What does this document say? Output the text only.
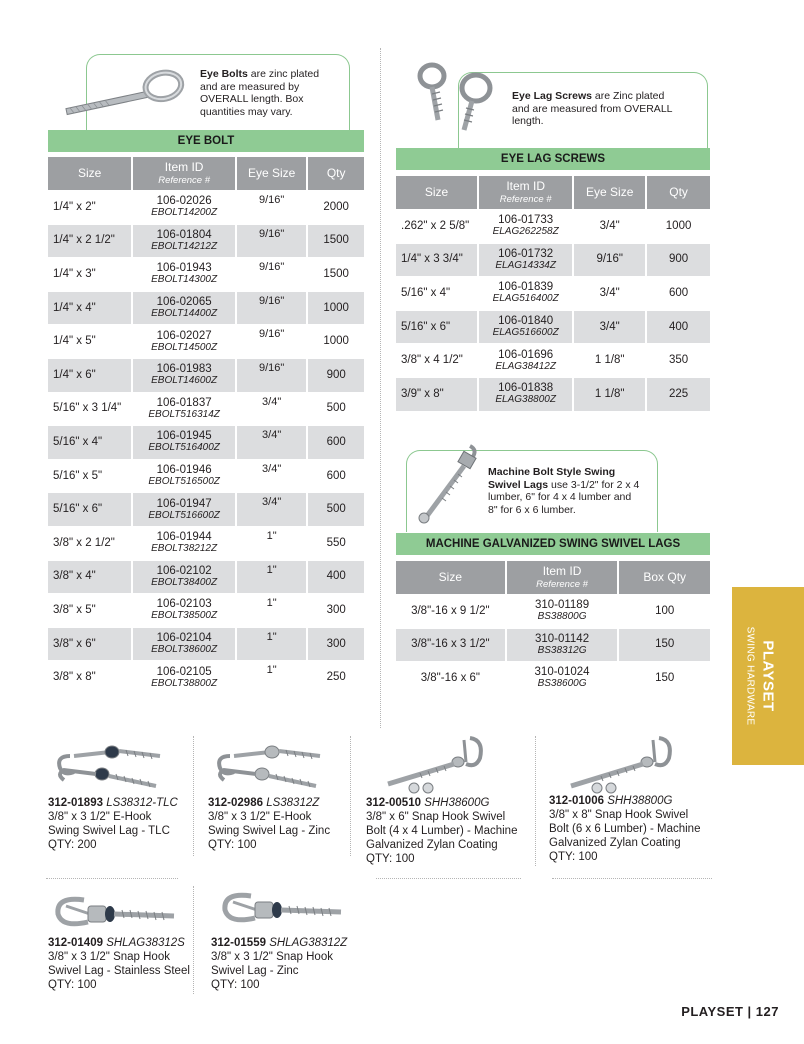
Eye Bolts are zinc plated
and are measured by
OVERALL length. Box
quantities may vary.
EYE BOLT
Size	Item ID
Reference #	Eye Size	Qty
1/4" x 2"	106-02026
EBOLT14200Z	9/16"	2000
1/4" x 2 1/2"	106-01804
EBOLT14212Z	9/16"	1500
1/4" x 3"	106-01943
EBOLT14300Z	9/16"	1500
1/4" x 4"	106-02065
EBOLT14400Z	9/16"	1000
1/4" x 5"	106-02027
EBOLT14500Z	9/16"	1000
1/4" x 6"	106-01983
EBOLT14600Z	9/16"	900
5/16" x 3 1/4"	106-01837
EBOLT516314Z	3/4"	500
5/16" x 4"	106-01945
EBOLT516400Z	3/4"	600
5/16" x 5"	106-01946
EBOLT516500Z	3/4"	600
5/16" x 6"	106-01947
EBOLT516600Z	3/4"	500
3/8" x 2 1/2"	106-01944
EBOLT38212Z	1"	550
3/8" x 4"	106-02102
EBOLT38400Z	1"	400
3/8" x 5"	106-02103
EBOLT38500Z	1"	300
3/8" x 6"	106-02104
EBOLT38600Z	1"	300
3/8" x 8"	106-02105
EBOLT38800Z	1"	250
Eye Lag Screws are Zinc plated
and are measured from OVERALL
length.
EYE LAG SCREWS
Size	Item ID
Reference #	Eye Size	Qty
.262" x 2 5/8"	106-01733
ELAG262258Z	3/4"	1000
1/4" x 3 3/4"	106-01732
ELAG14334Z	9/16"	900
5/16" x 4"	106-01839
ELAG516400Z	3/4"	600
5/16" x 6"	106-01840
ELAG516600Z	3/4"	400
3/8" x 4 1/2"	106-01696
ELAG38412Z	1 1/8"	350
3/9" x 8"	106-01838
ELAG38800Z	1 1/8"	225
Machine Bolt Style Swing
Swivel Lags use 3-1/2" for 2 x 4
lumber, 6" for 4 x 4 lumber and
8" for 6 x 6 lumber.
MACHINE GALVANIZED SWING SWIVEL LAGS
Size	Item ID
Reference #	Box Qty
3/8"-16 x 9 1/2"	310-01189
BS38800G	100
3/8"-16 x 3 1/2"	310-01142
BS38312G	150
3/8"-16 x 6"	310-01024
BS38600G	150	PLAYSET
SWING HARDWARE
312-01893 LS38312-TLC
3/8" x 3 1/2" E-Hook
Swing Swivel Lag - TLC
QTY: 200
312-02986 LS38312Z
3/8" x 3 1/2" E-Hook
Swing Swivel Lag - Zinc
QTY: 100
312-00510 SHH38600G
3/8" x 6" Snap Hook Swivel
Bolt (4 x 4 Lumber) - Machine
Galvanized Zylan Coating
QTY: 100
312-01006 SHH38800G
3/8" x 8" Snap Hook Swivel
Bolt (6 x 6 Lumber) - Machine
Galvanized Zylan Coating
QTY: 100
312-01409 SHLAG38312S
3/8" x 3 1/2" Snap Hook
Swivel Lag - Stainless Steel
QTY: 100
312-01559 SHLAG38312Z
3/8" x 3 1/2" Snap Hook
Swivel Lag - Zinc
QTY: 100
PLAYSET | 127
